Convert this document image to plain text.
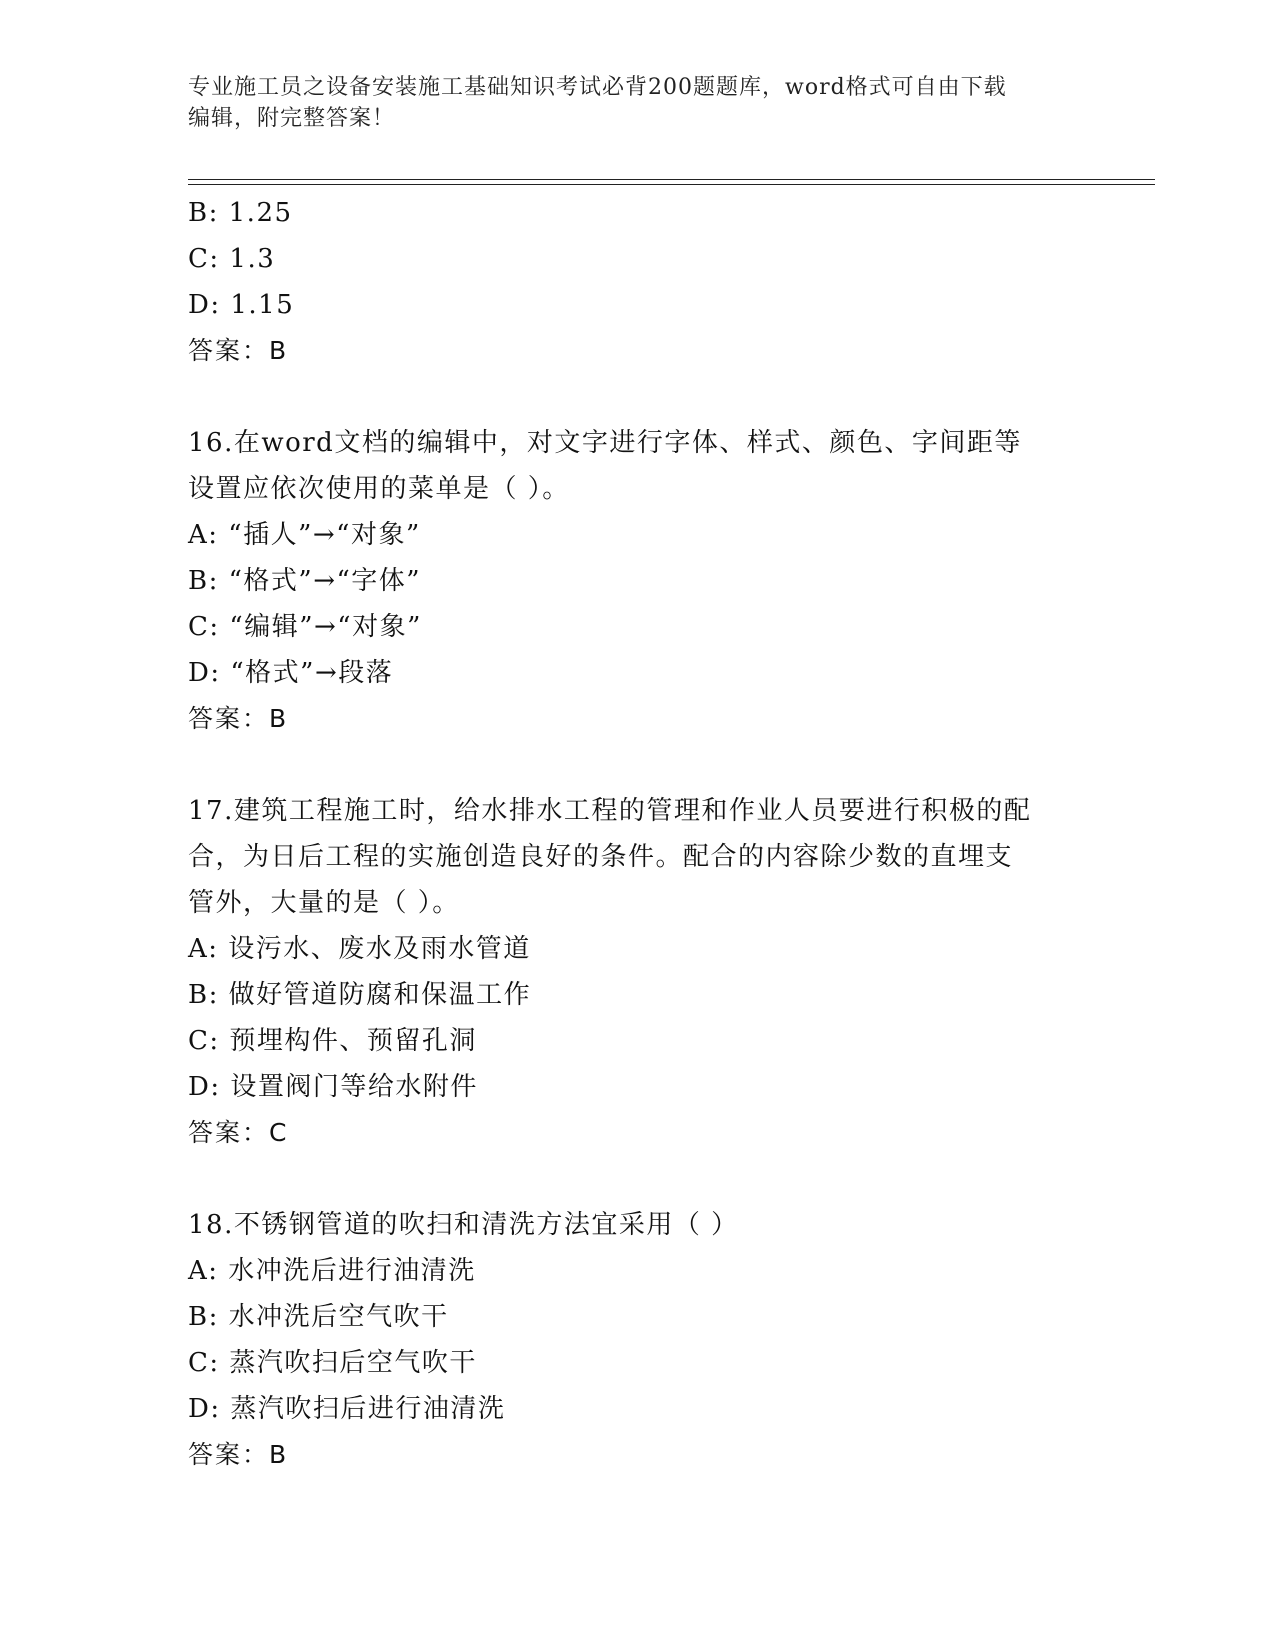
专业施工员之设备安装施工基础知识考试必背200题题库，word格式可自由下载
编辑，附完整答案！
B: 1.25
C: 1.3
D: 1.15
答案：B
16.在word文档的编辑中，对文字进行字体、样式、颜色、字间距等
设置应依次使用的菜单是（ ）。
A: “插人”→“对象”
B: “格式”→“字体”
C: “编辑”→“对象”
D: “格式”→段落
答案：B
17.建筑工程施工时，给水排水工程的管理和作业人员要进行积极的配
合，为日后工程的实施创造良好的条件。配合的内容除少数的直埋支
管外，大量的是（ ）。
A: 设污水、废水及雨水管道
B: 做好管道防腐和保温工作
C: 预埋构件、预留孔洞
D: 设置阀门等给水附件
答案：C
18.不锈钢管道的吹扫和清洗方法宜采用（ ）
A: 水冲洗后进行油清洗
B: 水冲洗后空气吹干
C: 蒸汽吹扫后空气吹干
D: 蒸汽吹扫后进行油清洗
答案：B
